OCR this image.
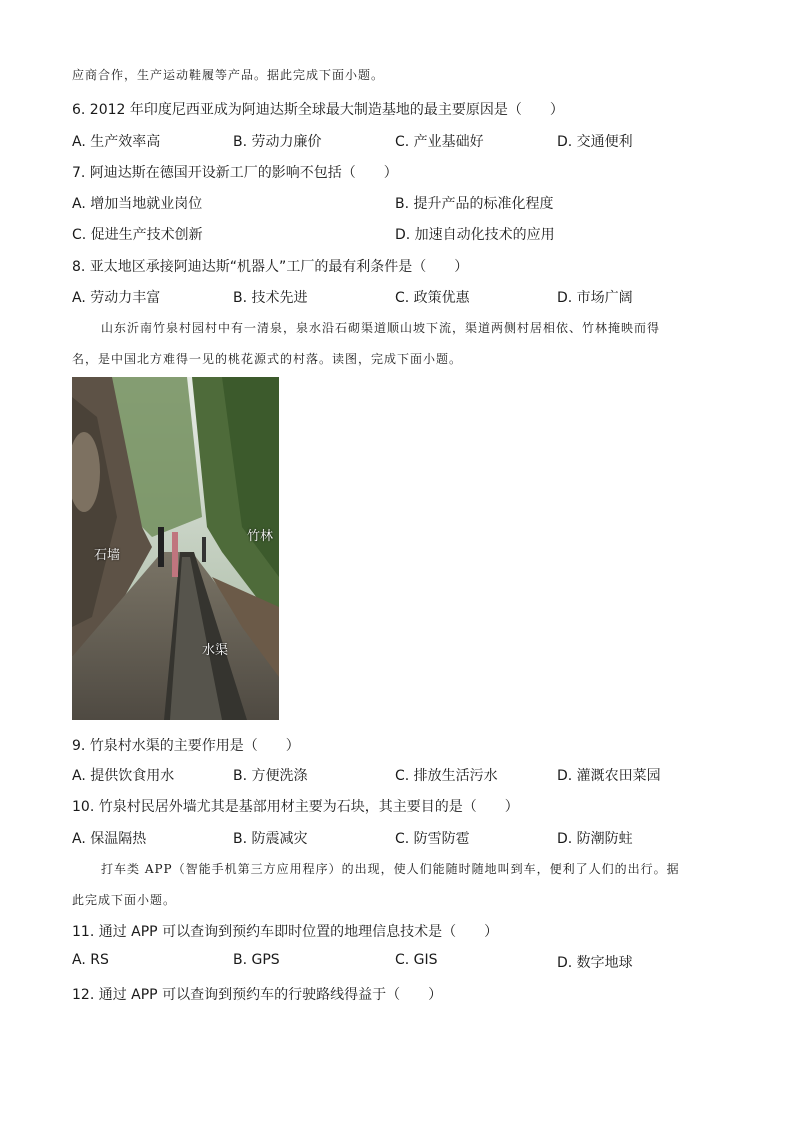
应商合作，生产运动鞋履等产品。据此完成下面小题。
6. 2012 年印度尼西亚成为阿迪达斯全球最大制造基地的最主要原因是（　　）
A. 生产效率高	B. 劳动力廉价	C. 产业基础好	D. 交通便利
7. 阿迪达斯在德国开设新工厂的影响不包括（　　）
A. 增加当地就业岗位	B. 提升产品的标准化程度
C. 促进生产技术创新	D. 加速自动化技术的应用
8. 亚太地区承接阿迪达斯“机器人”工厂的最有利条件是（　　）
A. 劳动力丰富	B. 技术先进	C. 政策优惠	D. 市场广阔
山东沂南竹泉村园村中有一清泉，泉水沿石砌渠道顺山坡下流，渠道两侧村居相依、竹林掩映而得
名，是中国北方难得一见的桃花源式的村落。读图，完成下面小题。
竹林
石墙
水渠
9. 竹泉村水渠的主要作用是（　　）
A. 提供饮食用水	B. 方便洗涤	C. 排放生活污水	D. 灌溉农田菜园
10. 竹泉村民居外墙尤其是基部用材主要为石块，其主要目的是（　　）
A. 保温隔热	B. 防震减灾	C. 防雪防雹	D. 防潮防蛀
打车类 APP（智能手机第三方应用程序）的出现，使人们能随时随地叫到车，便利了人们的出行。据
此完成下面小题。
11. 通过 APP 可以查询到预约车即时位置的地理信息技术是（　　）
A. RS	B. GPS	C. GIS	D. 数字地球
12. 通过 APP 可以查询到预约车的行驶路线得益于（　　）
